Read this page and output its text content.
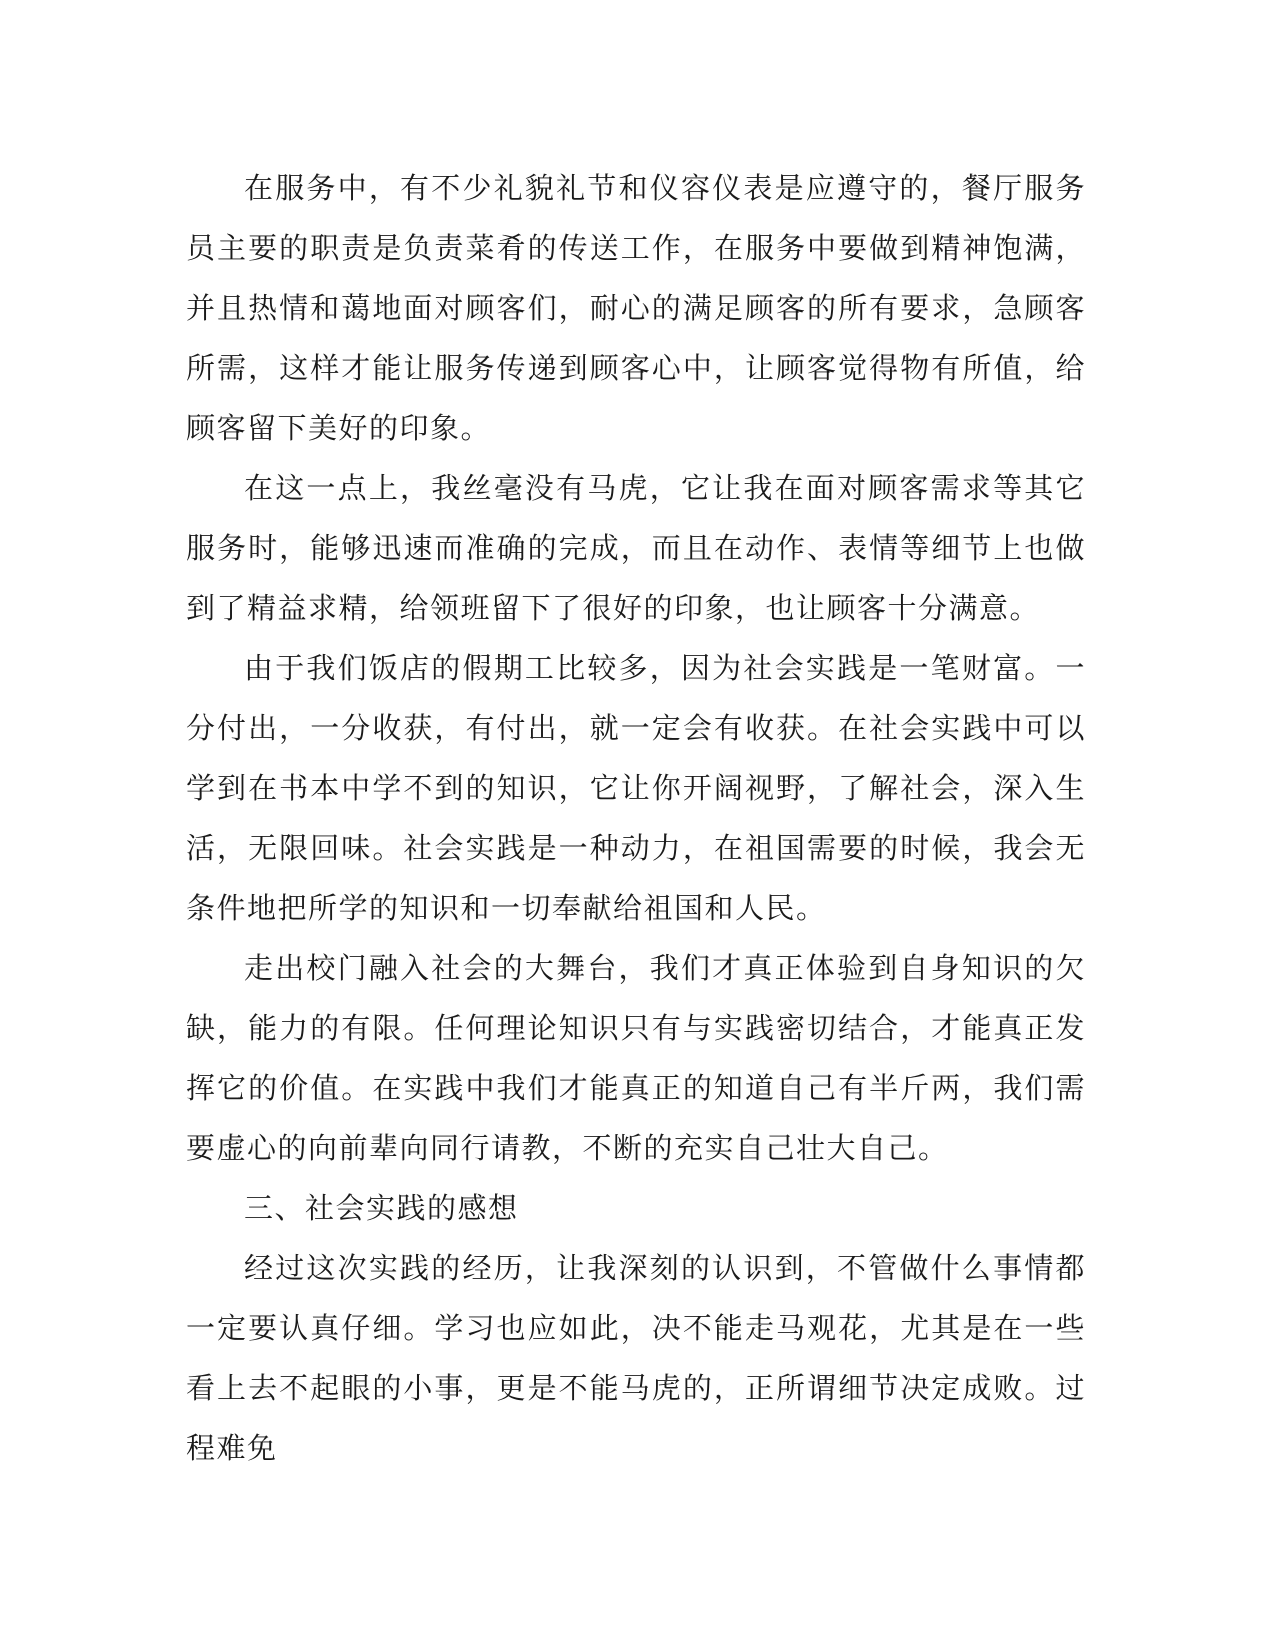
在服务中，有不少礼貌礼节和仪容仪表是应遵守的，餐厅服务员主要的职责是负责菜肴的传送工作，在服务中要做到精神饱满，并且热情和蔼地面对顾客们，耐心的满足顾客的所有要求，急顾客所需，这样才能让服务传递到顾客心中，让顾客觉得物有所值，给顾客留下美好的印象。

在这一点上，我丝毫没有马虎，它让我在面对顾客需求等其它服务时，能够迅速而准确的完成，而且在动作、表情等细节上也做到了精益求精，给领班留下了很好的印象，也让顾客十分满意。

由于我们饭店的假期工比较多，因为社会实践是一笔财富。一分付出，一分收获，有付出，就一定会有收获。在社会实践中可以学到在书本中学不到的知识，它让你开阔视野，了解社会，深入生活，无限回味。社会实践是一种动力，在祖国需要的时候，我会无条件地把所学的知识和一切奉献给祖国和人民。

走出校门融入社会的大舞台，我们才真正体验到自身知识的欠缺，能力的有限。任何理论知识只有与实践密切结合，才能真正发挥它的价值。在实践中我们才能真正的知道自己有半斤两，我们需要虚心的向前辈向同行请教，不断的充实自己壮大自己。

三、社会实践的感想

经过这次实践的经历，让我深刻的认识到，不管做什么事情都一定要认真仔细。学习也应如此，决不能走马观花，尤其是在一些看上去不起眼的小事，更是不能马虎的，正所谓细节决定成败。过程难免
